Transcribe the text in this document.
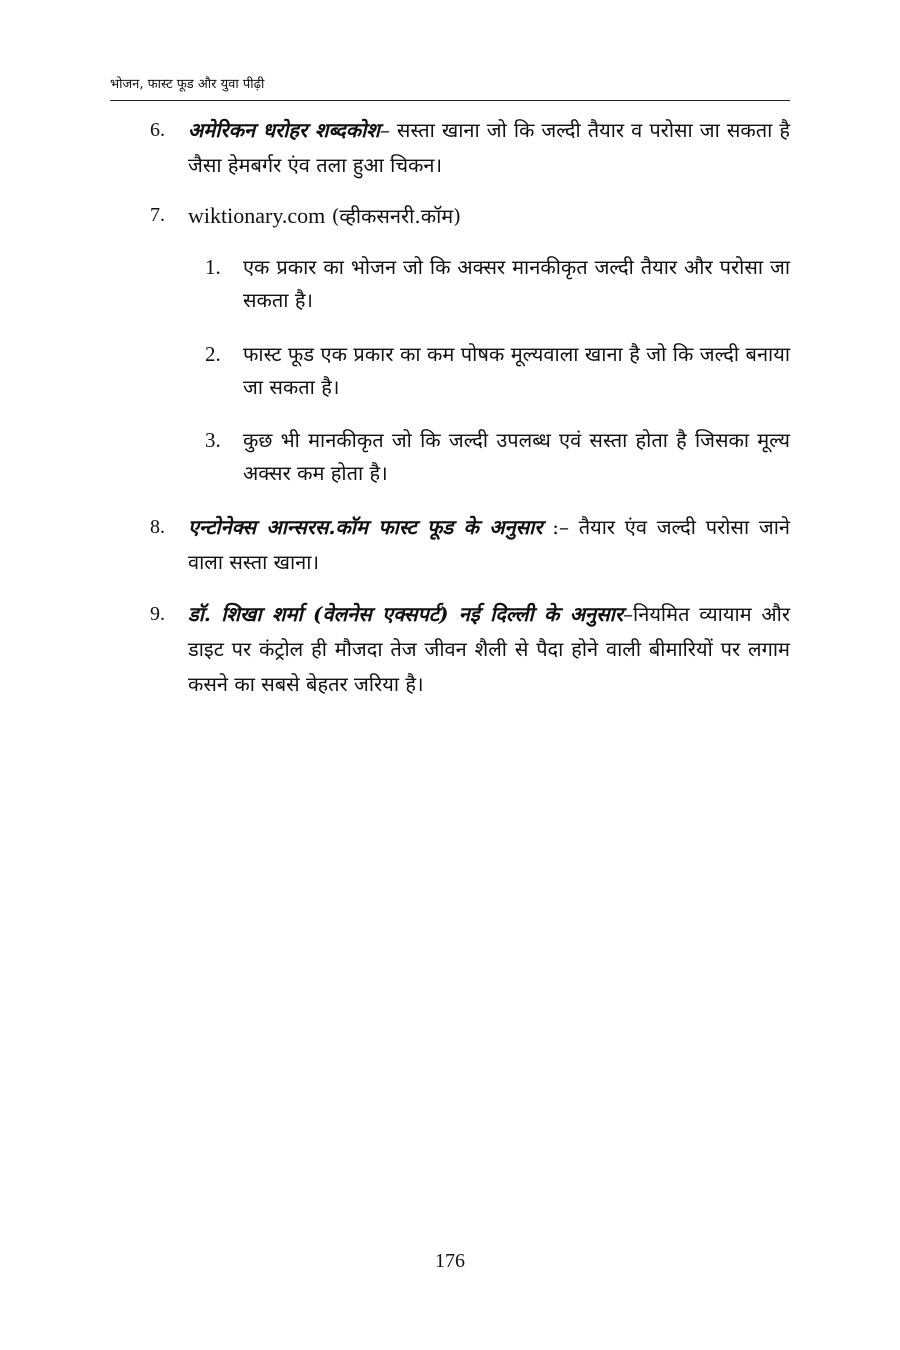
भोजन, फास्ट फूड और युवा पीढ़ी
6.	अमेरिकन धरोहर शब्दकोश– सस्ता खाना जो कि जल्दी तैयार व परोसा जा सकता है जैसा हेमबर्गर एंव तला हुआ चिकन।
7.	wiktionary.com (व्हीकसनरी.कॉम)
1.	एक प्रकार का भोजन जो कि अक्सर मानकीकृत जल्दी तैयार और परोसा जा सकता है।
2.	फास्ट फूड एक प्रकार का कम पोषक मूल्यवाला खाना है जो कि जल्दी बनाया जा सकता है।
3.	कुछ भी मानकीकृत जो कि जल्दी उपलब्ध एवं सस्ता होता है जिसका मूल्य अक्सर कम होता है।
8.	एन्टोनेक्स आन्सरस.कॉम फास्ट फूड के अनुसार :– तैयार एंव जल्दी परोसा जाने वाला सस्ता खाना।
9.	डॉ. शिखा शर्मा (वेलनेस एक्सपर्ट) नई दिल्ली के अनुसार–नियमित व्यायाम और डाइट पर कंट्रोल ही मौजदा तेज जीवन शैली से पैदा होने वाली बीमारियों पर लगाम कसने का सबसे बेहतर जरिया है।
176
